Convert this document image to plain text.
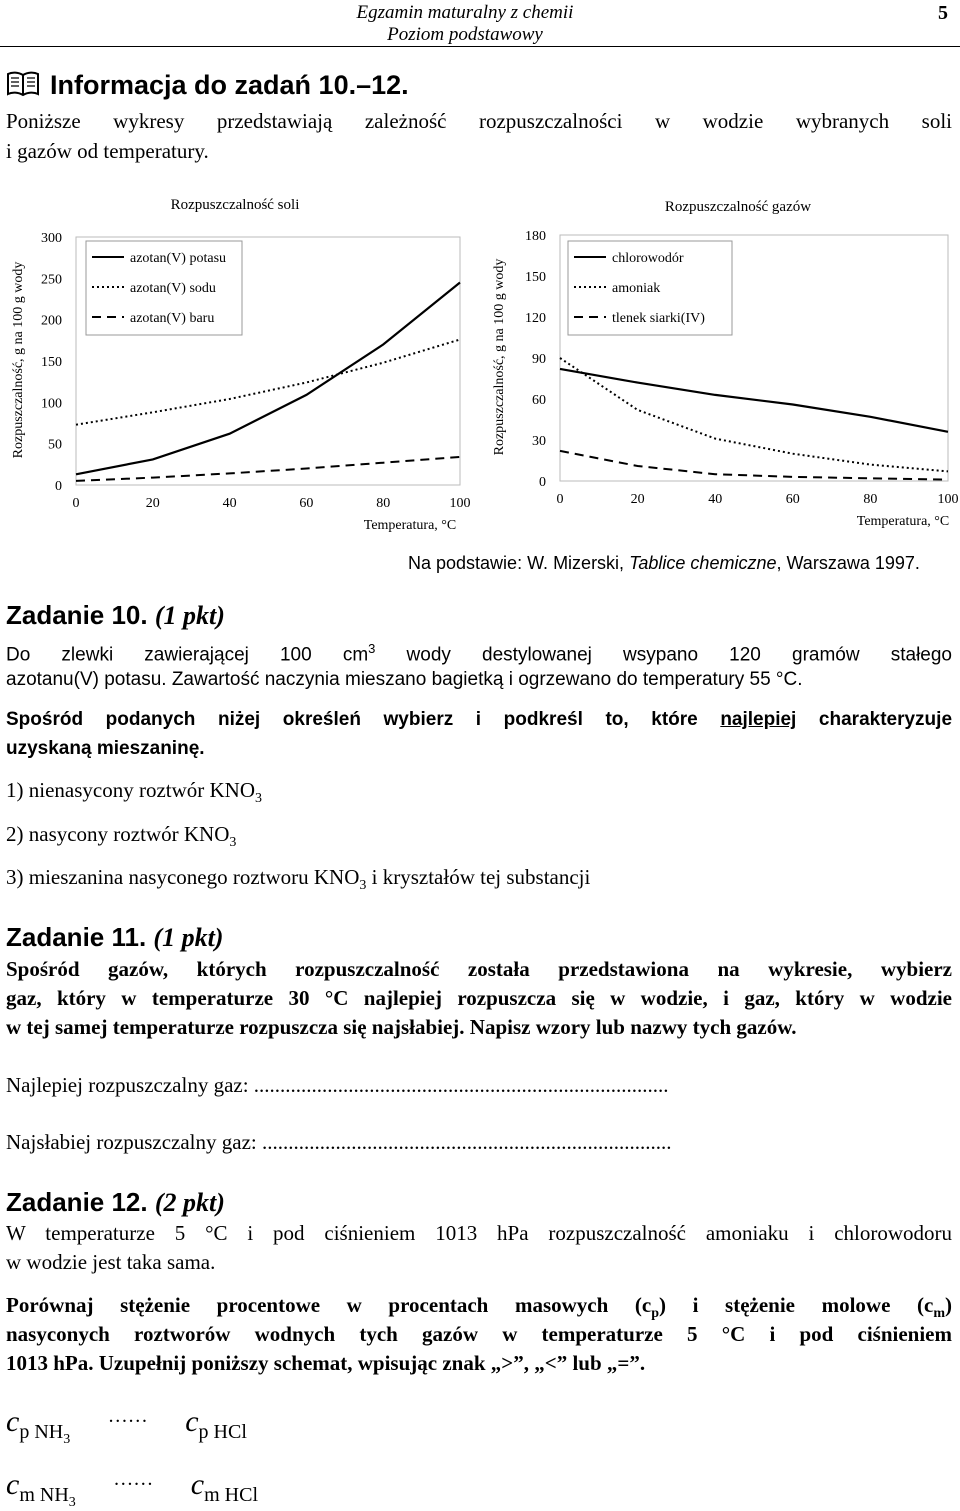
Egzamin maturalny z chemii
Poziom podstawowy
5
Informacja do zadań 10.–12.
Poniższe wykresy przedstawiają zależność rozpuszczalności w wodzie wybranych soli
i gazów od temperatury.
Rozpuszczalność soli
Rozpuszczalność, g na 100 g wody
Temperatura, °C
0	20	40	60	80	100
0
50
100
150
200
250
300
azotan(V) potasu
azotan(V) sodu
azotan(V) baru
Rozpuszczalność gazów
Rozpuszczalność, g na 100 g wody
Temperatura, °C
0	20	40	60	80	100
0
30
60
90
120
150
180
chlorowodór
amoniak
tlenek siarki(IV)
Na podstawie: W. Mizerski, Tablice chemiczne, Warszawa 1997.
Zadanie 10. (1 pkt)
Do zlewki zawierającej 100 $cm^3$ wody destylowanej wsypano 120 gramów stałego
azotanu(V) potasu. Zawartość naczynia mieszano bagietką i ogrzewano do temperatury 55 °C.
Spośród podanych niżej określeń wybierz i podkreśl to, które najlepiej charakteryzuje
uzyskaną mieszaninę.
1) nienasycony roztwór $KNO_3$
2) nasycony roztwór $KNO_3$
3) mieszanina nasyconego roztworu $KNO_3$ i kryształów tej substancji
Zadanie 11. (1 pkt)
Spośród gazów, których rozpuszczalność została przedstawiona na wykresie, wybierz
gaz, który w temperaturze 30 °C najlepiej rozpuszcza się w wodzie, i gaz, który w wodzie
w tej samej temperaturze rozpuszcza się najsłabiej. Napisz wzory lub nazwy tych gazów.
Najlepiej rozpuszczalny gaz: ...............................................................................
Najsłabiej rozpuszczalny gaz: ..............................................................................
Zadanie 12. (2 pkt)
W temperaturze 5 °C i pod ciśnieniem 1013 hPa rozpuszczalność amoniaku i chlorowodoru
w wodzie jest taka sama.
Porównaj stężenie procentowe w procentach masowych $(c_p)$ i stężenie molowe $(c_m)$
nasyconych roztworów wodnych tych gazów w temperaturze 5 °C i pod ciśnieniem
1013 hPa. Uzupełnij poniższy schemat, wpisując znak „>”, „<” lub „=”.
$c_{p NH_3}$ …… $c_{p HCl}$
$c_{m NH_3}$ …… $c_{m HCl}$
